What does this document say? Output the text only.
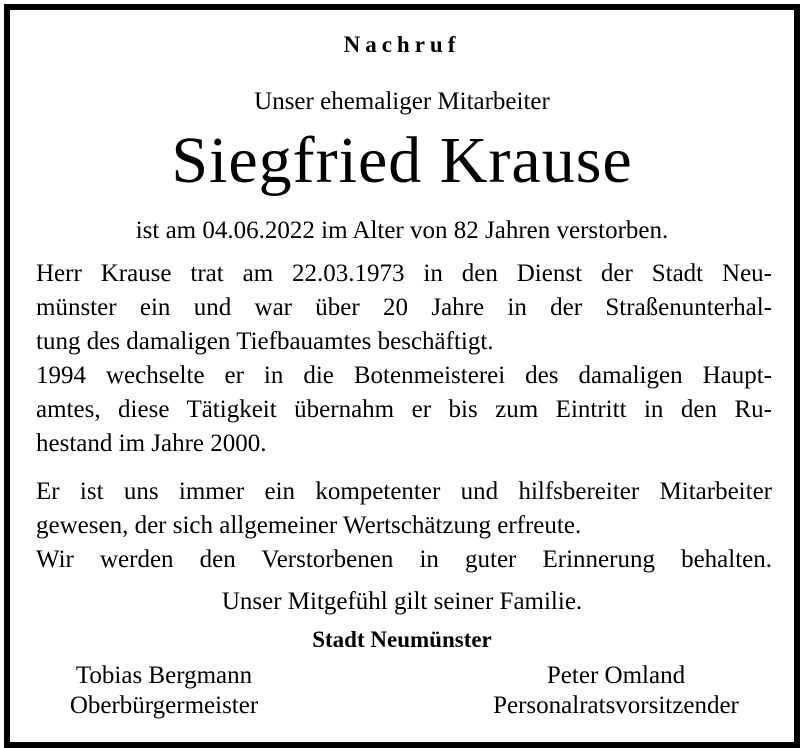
Nachruf
Unser ehemaliger Mitarbeiter
Siegfried Krause
ist am 04.06.2022 im Alter von 82 Jahren verstorben.
Herr Krause trat am 22.03.1973 in den Dienst der Stadt Neu-
münster ein und war über 20 Jahre in der Straßenunterhal-
tung des damaligen Tiefbauamtes beschäftigt.
1994 wechselte er in die Botenmeisterei des damaligen Haupt-
amtes, diese Tätigkeit übernahm er bis zum Eintritt in den Ru-
hestand im Jahre 2000.
Er ist uns immer ein kompetenter und hilfsbereiter Mitarbeiter
gewesen, der sich allgemeiner Wertschätzung erfreute.
Wir werden den Verstorbenen in guter Erinnerung behalten.
Unser Mitgefühl gilt seiner Familie.
Stadt Neumünster
Tobias Bergmann
Oberbürgermeister
Peter Omland
Personalratsvorsitzender
